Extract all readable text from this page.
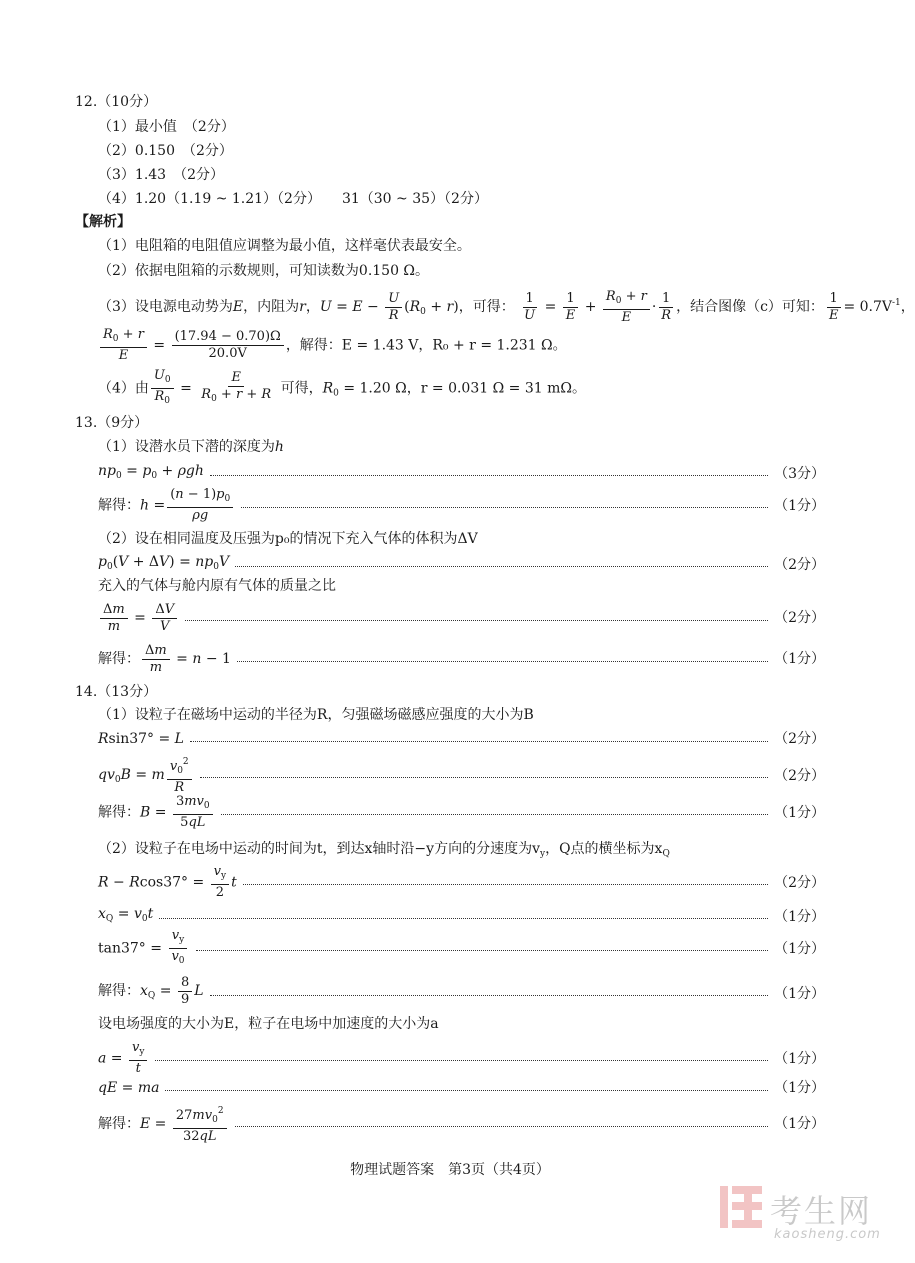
12.（10分）
（1）最小值　（2分）
（2）0.150　（2分）
（3）1.43　（2分）
（4）1.20（1.19 ~ 1.21）（2分）　　31（30 ~ 35）（2分）
【解析】
（1）电阻箱的电阻值应调整为最小值，这样毫伏表最安全。
（2）依据电阻箱的示数规则，可知读数为0.150 Ω。
（3）设电源电动势为E，内阻为r，$U = E - \frac{U}{R} (R_0 + r)$，可得： $\frac{1}{U} = \frac{1}{E} + \frac{R_0 + r}{E} \cdot \frac{1}{R}$ ，结合图像（c）可知： $\frac{1}{E} = 0.7V^{-1}$，
$\frac{R_0 + r}{E} = \frac{(17.94 - 0.70)\Omega}{20.0V}$ ，解得：E = 1.43 V，R₀ + r = 1.231 Ω。
（4）由 $\frac{U_0}{R_0} = \frac{E}{R_0 + r + R}$ 可得，$R_0 = 1.20$ Ω，r = 0.031 Ω = 31 mΩ。
13.（9分）
（1）设潜水员下潜的深度为h
$np_0 = p_0 + \rho gh$	（3分）
解得：$h = \frac{(n - 1)p_0}{\rho g}$	（1分）
（2）设在相同温度及压强为p₀的情况下充入气体的体积为ΔV
$p_0(V + \Delta V) = np_0V$	（2分）
充入的气体与舱内原有气体的质量之比
$\frac{\Delta m}{m} = \frac{\Delta V}{V}$	（2分）
解得： $\frac{\Delta m}{m} = n - 1$	（1分）
14.（13分）
（1）设粒子在磁场中运动的半径为R，匀强磁场磁感应强度的大小为B
Rsin37° = L	（2分）
$qv_0B = m \frac{v_0^2}{R}$	（2分）
解得：$B = \frac{3mv_0}{5qL}$	（1分）
（2）设粒子在电场中运动的时间为t，到达x轴时沿−y方向的分速度为$v_y$，Q点的横坐标为$x_Q$
$R - Rcos37^\circ = \frac{v_y}{2}$ t	（2分）
$x_Q = v_0t$	（1分）
$\tan 37^\circ = \frac{v_y}{v_0}$	（1分）
解得：$x_Q = \frac{8}{9}$ L	（1分）
设电场强度的大小为E，粒子在电场中加速度的大小为a
$a = \frac{v_y}{t}$	（1分）
qE = ma	（1分）
解得：$E = \frac{27mv_0^2}{32qL}$	（1分）
物理试题答案　第3页（共4页）
考生网
kaosheng.com
